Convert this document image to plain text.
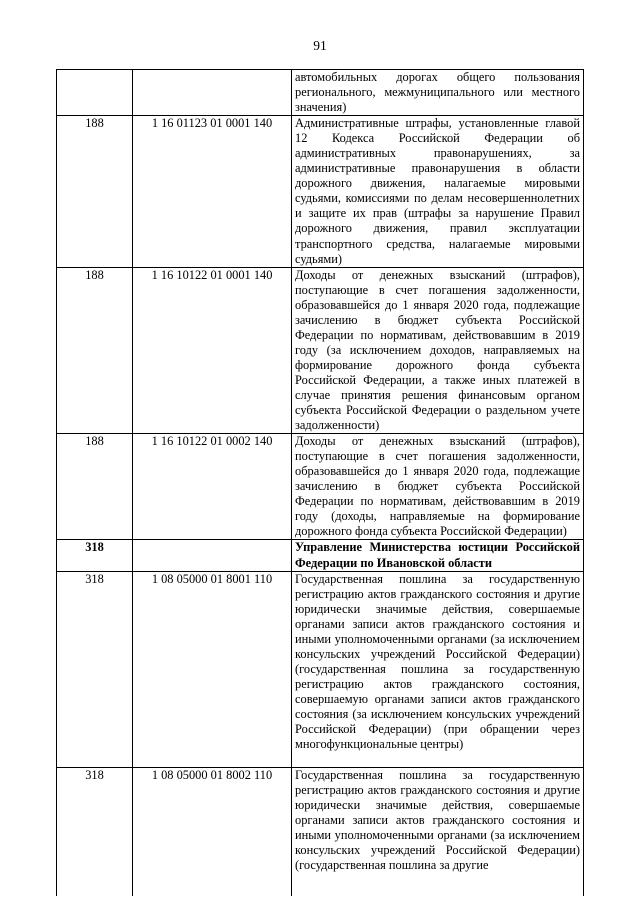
91
		автомобильных дорогах общего пользования регионального, межмуниципального или местного значения)
188	1 16 01123 01 0001 140	Административные штрафы, установленные главой 12 Кодекса Российской Федерации об административных правонарушениях, за административные правонарушения в области дорожного движения, налагаемые мировыми судьями, комиссиями по делам несовершеннолетних и защите их прав (штрафы за нарушение Правил дорожного движения, правил эксплуатации транспортного средства, налагаемые мировыми судьями)
188	1 16 10122 01 0001 140	Доходы от денежных взысканий (штрафов), поступающие в счет погашения задолженности, образовавшейся до 1 января 2020 года, подлежащие зачислению в бюджет субъекта Российской Федерации по нормативам, действовавшим в 2019 году (за исключением доходов, направляемых на формирование дорожного фонда субъекта Российской Федерации, а также иных платежей в случае принятия решения финансовым органом субъекта Российской Федерации о раздельном учете задолженности)
188	1 16 10122 01 0002 140	Доходы от денежных взысканий (штрафов), поступающие в счет погашения задолженности, образовавшейся до 1 января 2020 года, подлежащие зачислению в бюджет субъекта Российской Федерации по нормативам, действовавшим в 2019 году (доходы, направляемые на формирование дорожного фонда субъекта Российской Федерации)
318		Управление Министерства юстиции Российской Федерации по Ивановской области
318	1 08 05000 01 8001 110	Государственная пошлина за государственную регистрацию актов гражданского состояния и другие юридически значимые действия, совершаемые органами записи актов гражданского состояния и иными уполномоченными органами (за исключением консульских учреждений Российской Федерации) (государственная пошлина за государственную регистрацию актов гражданского состояния, совершаемую органами записи актов гражданского состояния (за исключением консульских учреждений Российской Федерации) (при обращении через многофункциональные центры)
318	1 08 05000 01 8002 110	Государственная пошлина за государственную регистрацию актов гражданского состояния и другие юридически значимые действия, совершаемые органами записи актов гражданского состояния и иными уполномоченными органами (за исключением консульских учреждений Российской Федерации) (государственная пошлина за другие
